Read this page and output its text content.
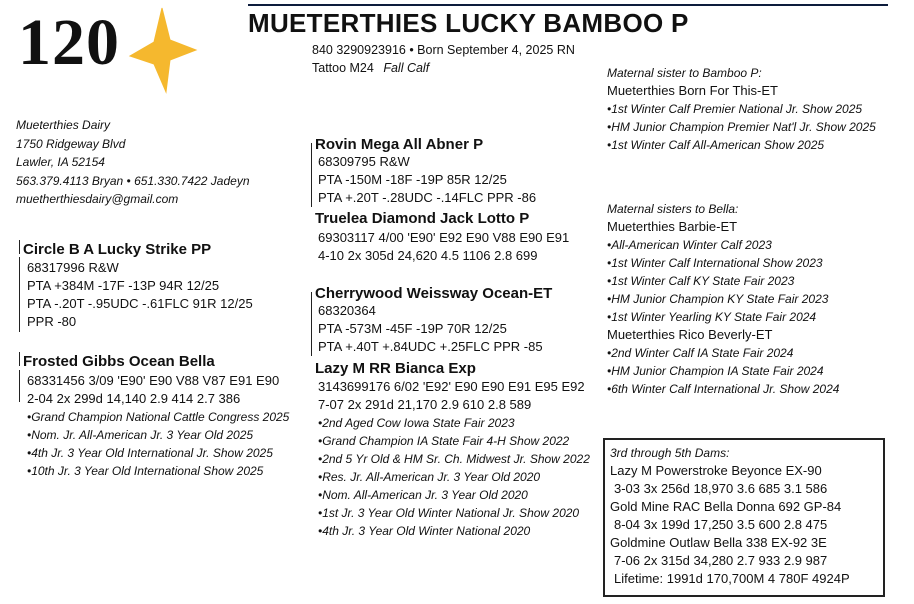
120	MUETERTHIES LUCKY BAMBOO P
840 3290923916 • Born September 4, 2025 RN
Tattoo M24 Fall Calf
Mueterthies Dairy
1750 Ridgeway Blvd
Lawler, IA 52154
563.379.4113 Bryan • 651.330.7422 Jadeyn
muetherthiesdairy@gmail.com
Circle B A Lucky Strike PP
68317996 R&W
PTA +384M -17F -13P 94R 12/25
PTA -.20T -.95UDC -.61FLC 91R 12/25
PPR -80
Frosted Gibbs Ocean Bella
68331456 3/09 'E90' E90 V88 V87 E91 E90
2-04 2x 299d 14,140 2.9 414 2.7 386
•Grand Champion National Cattle Congress 2025
•Nom. Jr. All-American Jr. 3 Year Old 2025
•4th Jr. 3 Year Old International Jr. Show 2025
•10th Jr. 3 Year Old International Show 2025
Rovin Mega All Abner P
68309795 R&W
PTA -150M -18F -19P 85R 12/25
PTA +.20T -.28UDC -.14FLC PPR -86
Truelea Diamond Jack Lotto P
69303117 4/00 'E90' E92 E90 V88 E90 E91
4-10 2x 305d 24,620 4.5 1106 2.8 699
Cherrywood Weissway Ocean-ET
68320364
PTA -573M -45F -19P 70R 12/25
PTA +.40T +.84UDC +.25FLC PPR -85
Lazy M RR Bianca Exp
3143699176 6/02 'E92' E90 E90 E91 E95 E92
7-07 2x 291d 21,170 2.9 610 2.8 589
•2nd Aged Cow Iowa State Fair 2023
•Grand Champion IA State Fair 4-H Show 2022
•2nd 5 Yr Old & HM Sr. Ch. Midwest Jr. Show 2022
•Res. Jr. All-American Jr. 3 Year Old 2020
•Nom. All-American Jr. 3 Year Old 2020
•1st Jr. 3 Year Old Winter National Jr. Show 2020
•4th Jr. 3 Year Old Winter National 2020
Maternal sister to Bamboo P:
Mueterthies Born For This-ET
•1st Winter Calf Premier National Jr. Show 2025
•HM Junior Champion Premier Nat'l Jr. Show 2025
•1st Winter Calf All-American Show 2025
Maternal sisters to Bella:
Mueterthies Barbie-ET
•All-American Winter Calf 2023
•1st Winter Calf International Show 2023
•1st Winter Calf KY State Fair 2023
•HM Junior Champion KY State Fair 2023
•1st Winter Yearling KY State Fair 2024
Mueterthies Rico Beverly-ET
•2nd Winter Calf IA State Fair 2024
•HM Junior Champion IA State Fair 2024
•6th Winter Calf International Jr. Show 2024
3rd through 5th Dams:
Lazy M Powerstroke Beyonce EX-90
3-03 3x 256d 18,970 3.6 685 3.1 586
Gold Mine RAC Bella Donna 692 GP-84
8-04 3x 199d 17,250 3.5 600 2.8 475
Goldmine Outlaw Bella 338 EX-92 3E
7-06 2x 315d 34,280 2.7 933 2.9 987
Lifetime: 1991d 170,700M 4 780F 4924P
